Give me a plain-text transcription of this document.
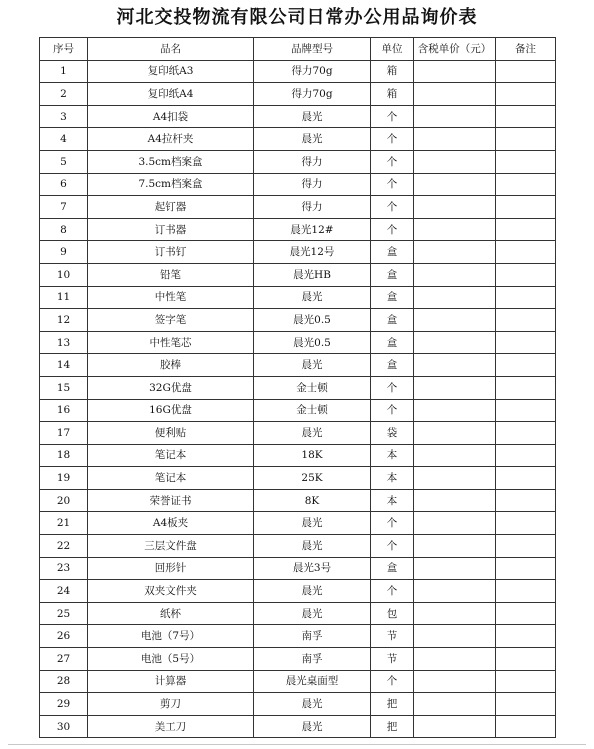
河北交投物流有限公司日常办公用品询价表
序号	品名	品牌型号	单位	含税单价（元）	备注
1	复印纸A3	得力70g	箱		
2	复印纸A4	得力70g	箱		
3	A4扣袋	晨光	个		
4	A4拉杆夹	晨光	个		
5	3.5cm档案盒	得力	个		
6	7.5cm档案盒	得力	个		
7	起钉器	得力	个		
8	订书器	晨光12#	个		
9	订书钉	晨光12号	盒		
10	铅笔	晨光HB	盒		
11	中性笔	晨光	盒		
12	签字笔	晨光0.5	盒		
13	中性笔芯	晨光0.5	盒		
14	胶棒	晨光	盒		
15	32G优盘	金士顿	个		
16	16G优盘	金士顿	个		
17	便利贴	晨光	袋		
18	笔记本	18K	本		
19	笔记本	25K	本		
20	荣誉证书	8K	本		
21	A4板夹	晨光	个		
22	三层文件盘	晨光	个		
23	回形针	晨光3号	盒		
24	双夹文件夹	晨光	个		
25	纸杯	晨光	包		
26	电池（7号）	南孚	节		
27	电池（5号）	南孚	节		
28	计算器	晨光桌面型	个		
29	剪刀	晨光	把		
30	美工刀	晨光	把		
